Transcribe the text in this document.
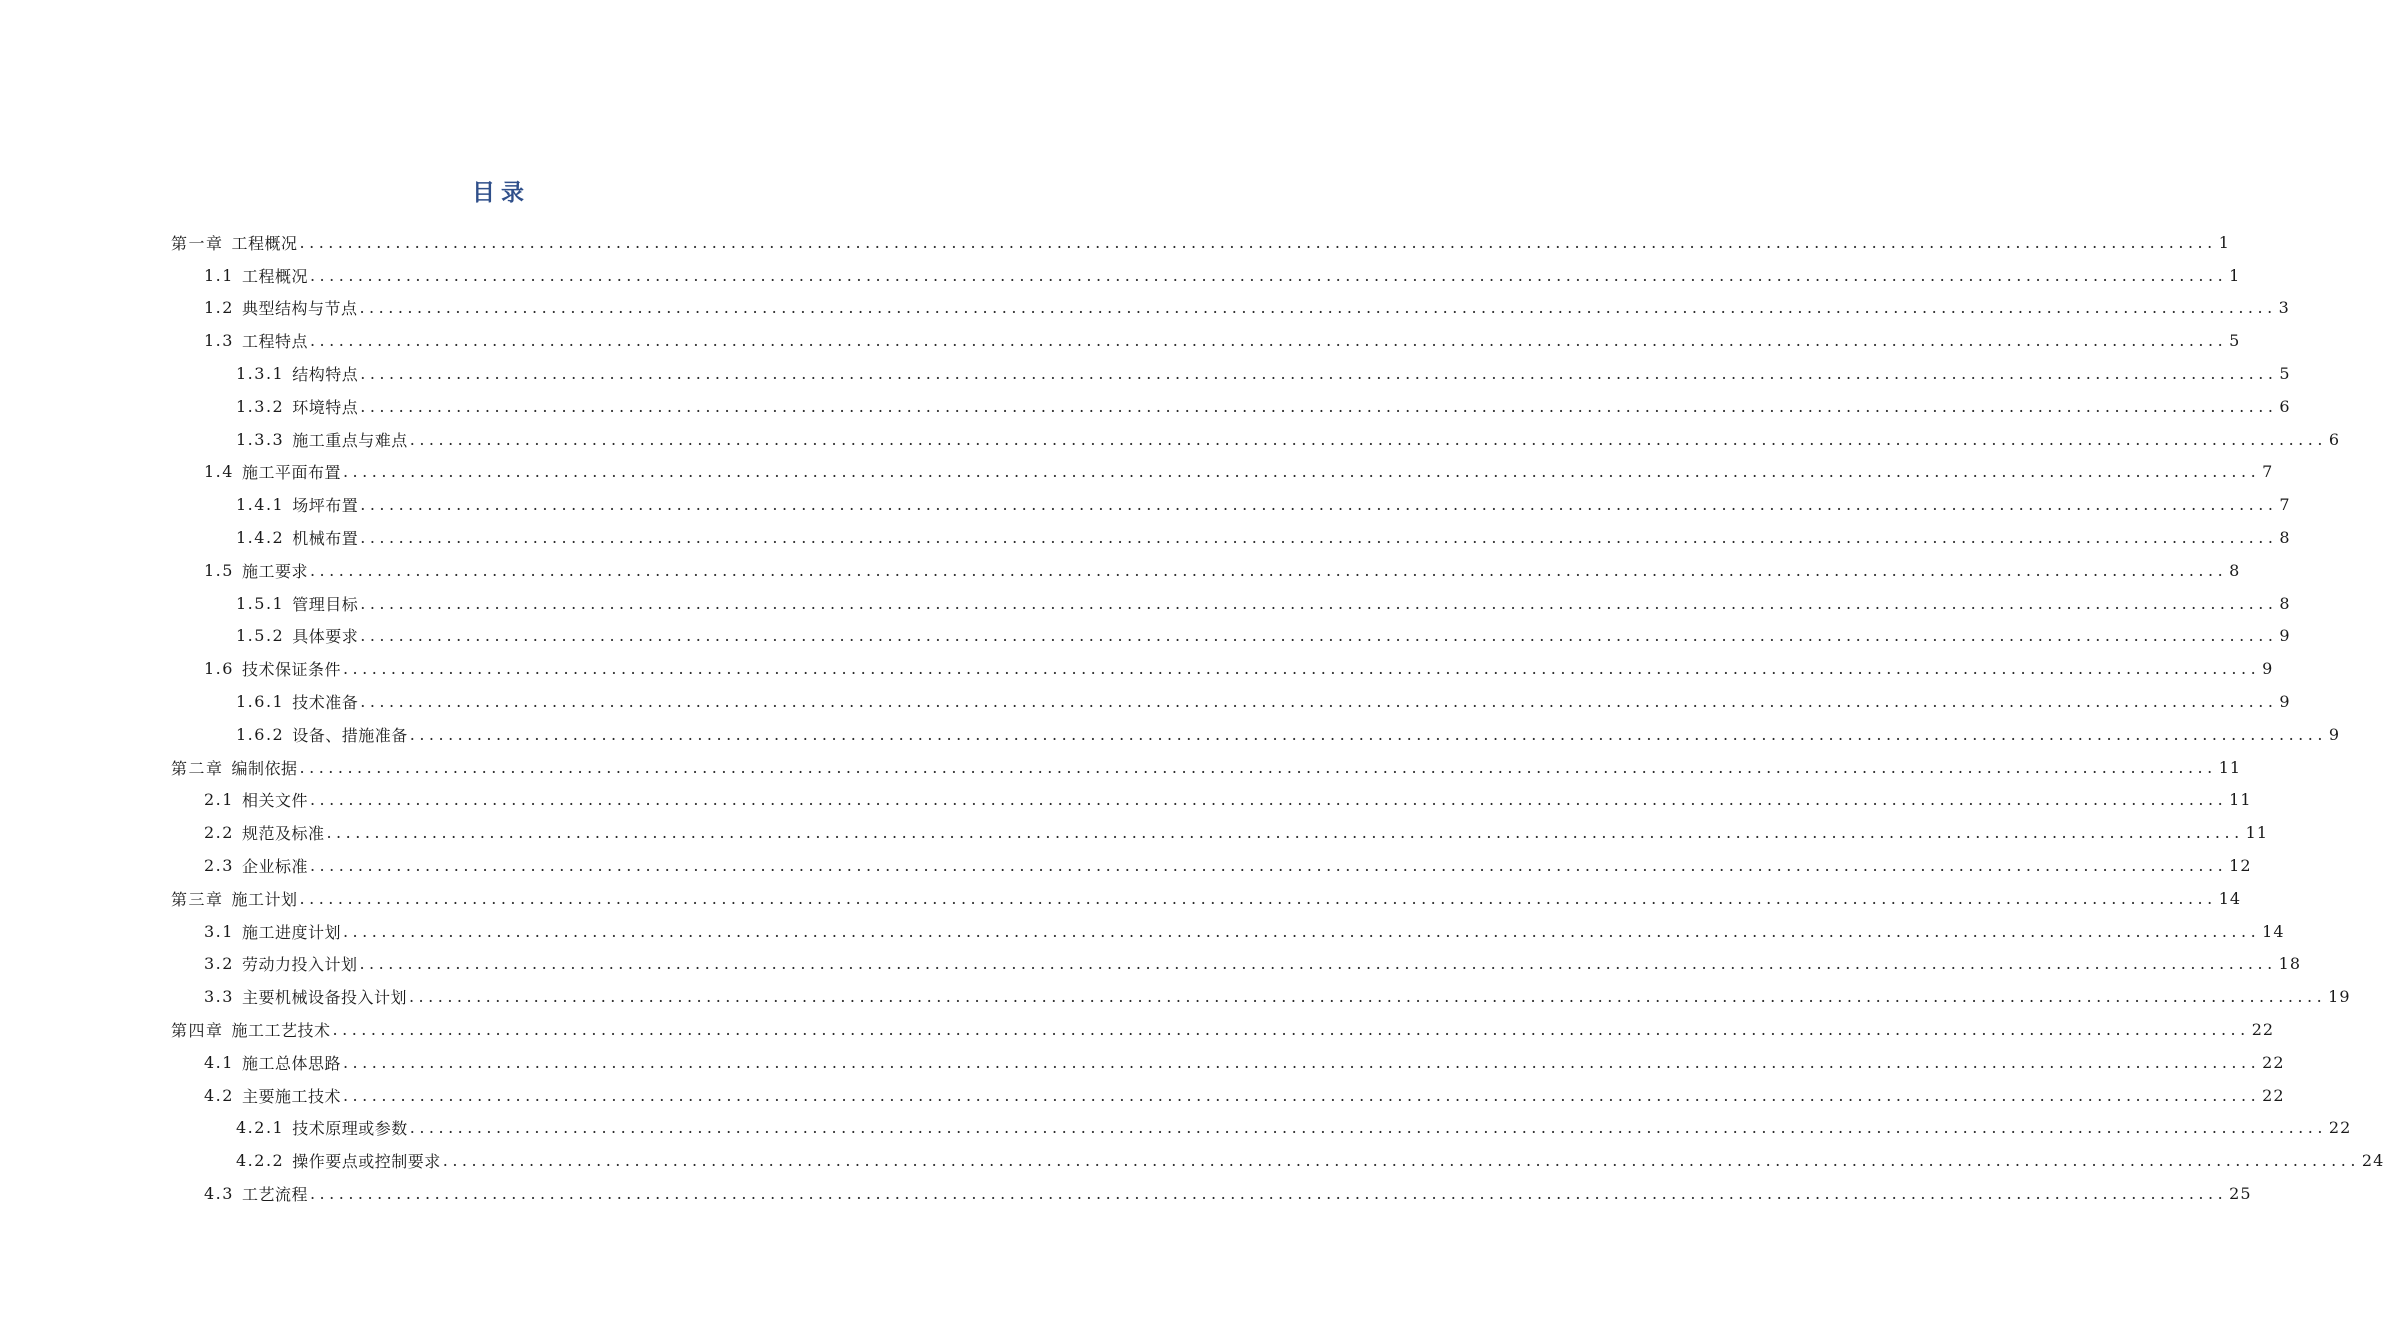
目录
第一章 工程概况 ........................................................................................................................................................................................................ 1
1.1 工程概况 ........................................................................................................................................................................................................ 1
1.2 典型结构与节点 ........................................................................................................................................................................................................ 3
1.3 工程特点 ........................................................................................................................................................................................................ 5
1.3.1 结构特点 ........................................................................................................................................................................................................ 5
1.3.2 环境特点 ........................................................................................................................................................................................................ 6
1.3.3 施工重点与难点 ........................................................................................................................................................................................................ 6
1.4 施工平面布置 ........................................................................................................................................................................................................ 7
1.4.1 场坪布置 ........................................................................................................................................................................................................ 7
1.4.2 机械布置 ........................................................................................................................................................................................................ 8
1.5 施工要求 ........................................................................................................................................................................................................ 8
1.5.1 管理目标 ........................................................................................................................................................................................................ 8
1.5.2 具体要求 ........................................................................................................................................................................................................ 9
1.6 技术保证条件 ........................................................................................................................................................................................................ 9
1.6.1 技术准备 ........................................................................................................................................................................................................ 9
1.6.2 设备、措施准备 ........................................................................................................................................................................................................ 9
第二章 编制依据 ........................................................................................................................................................................................................ 11
2.1 相关文件 ........................................................................................................................................................................................................ 11
2.2 规范及标准 ........................................................................................................................................................................................................ 11
2.3 企业标准 ........................................................................................................................................................................................................ 12
第三章 施工计划 ........................................................................................................................................................................................................ 14
3.1 施工进度计划 ........................................................................................................................................................................................................ 14
3.2 劳动力投入计划 ........................................................................................................................................................................................................ 18
3.3 主要机械设备投入计划 ........................................................................................................................................................................................................ 19
第四章 施工工艺技术 ........................................................................................................................................................................................................ 22
4.1 施工总体思路 ........................................................................................................................................................................................................ 22
4.2 主要施工技术 ........................................................................................................................................................................................................ 22
4.2.1 技术原理或参数 ........................................................................................................................................................................................................ 22
4.2.2 操作要点或控制要求 ........................................................................................................................................................................................................ 24
4.3 工艺流程 ........................................................................................................................................................................................................ 25
